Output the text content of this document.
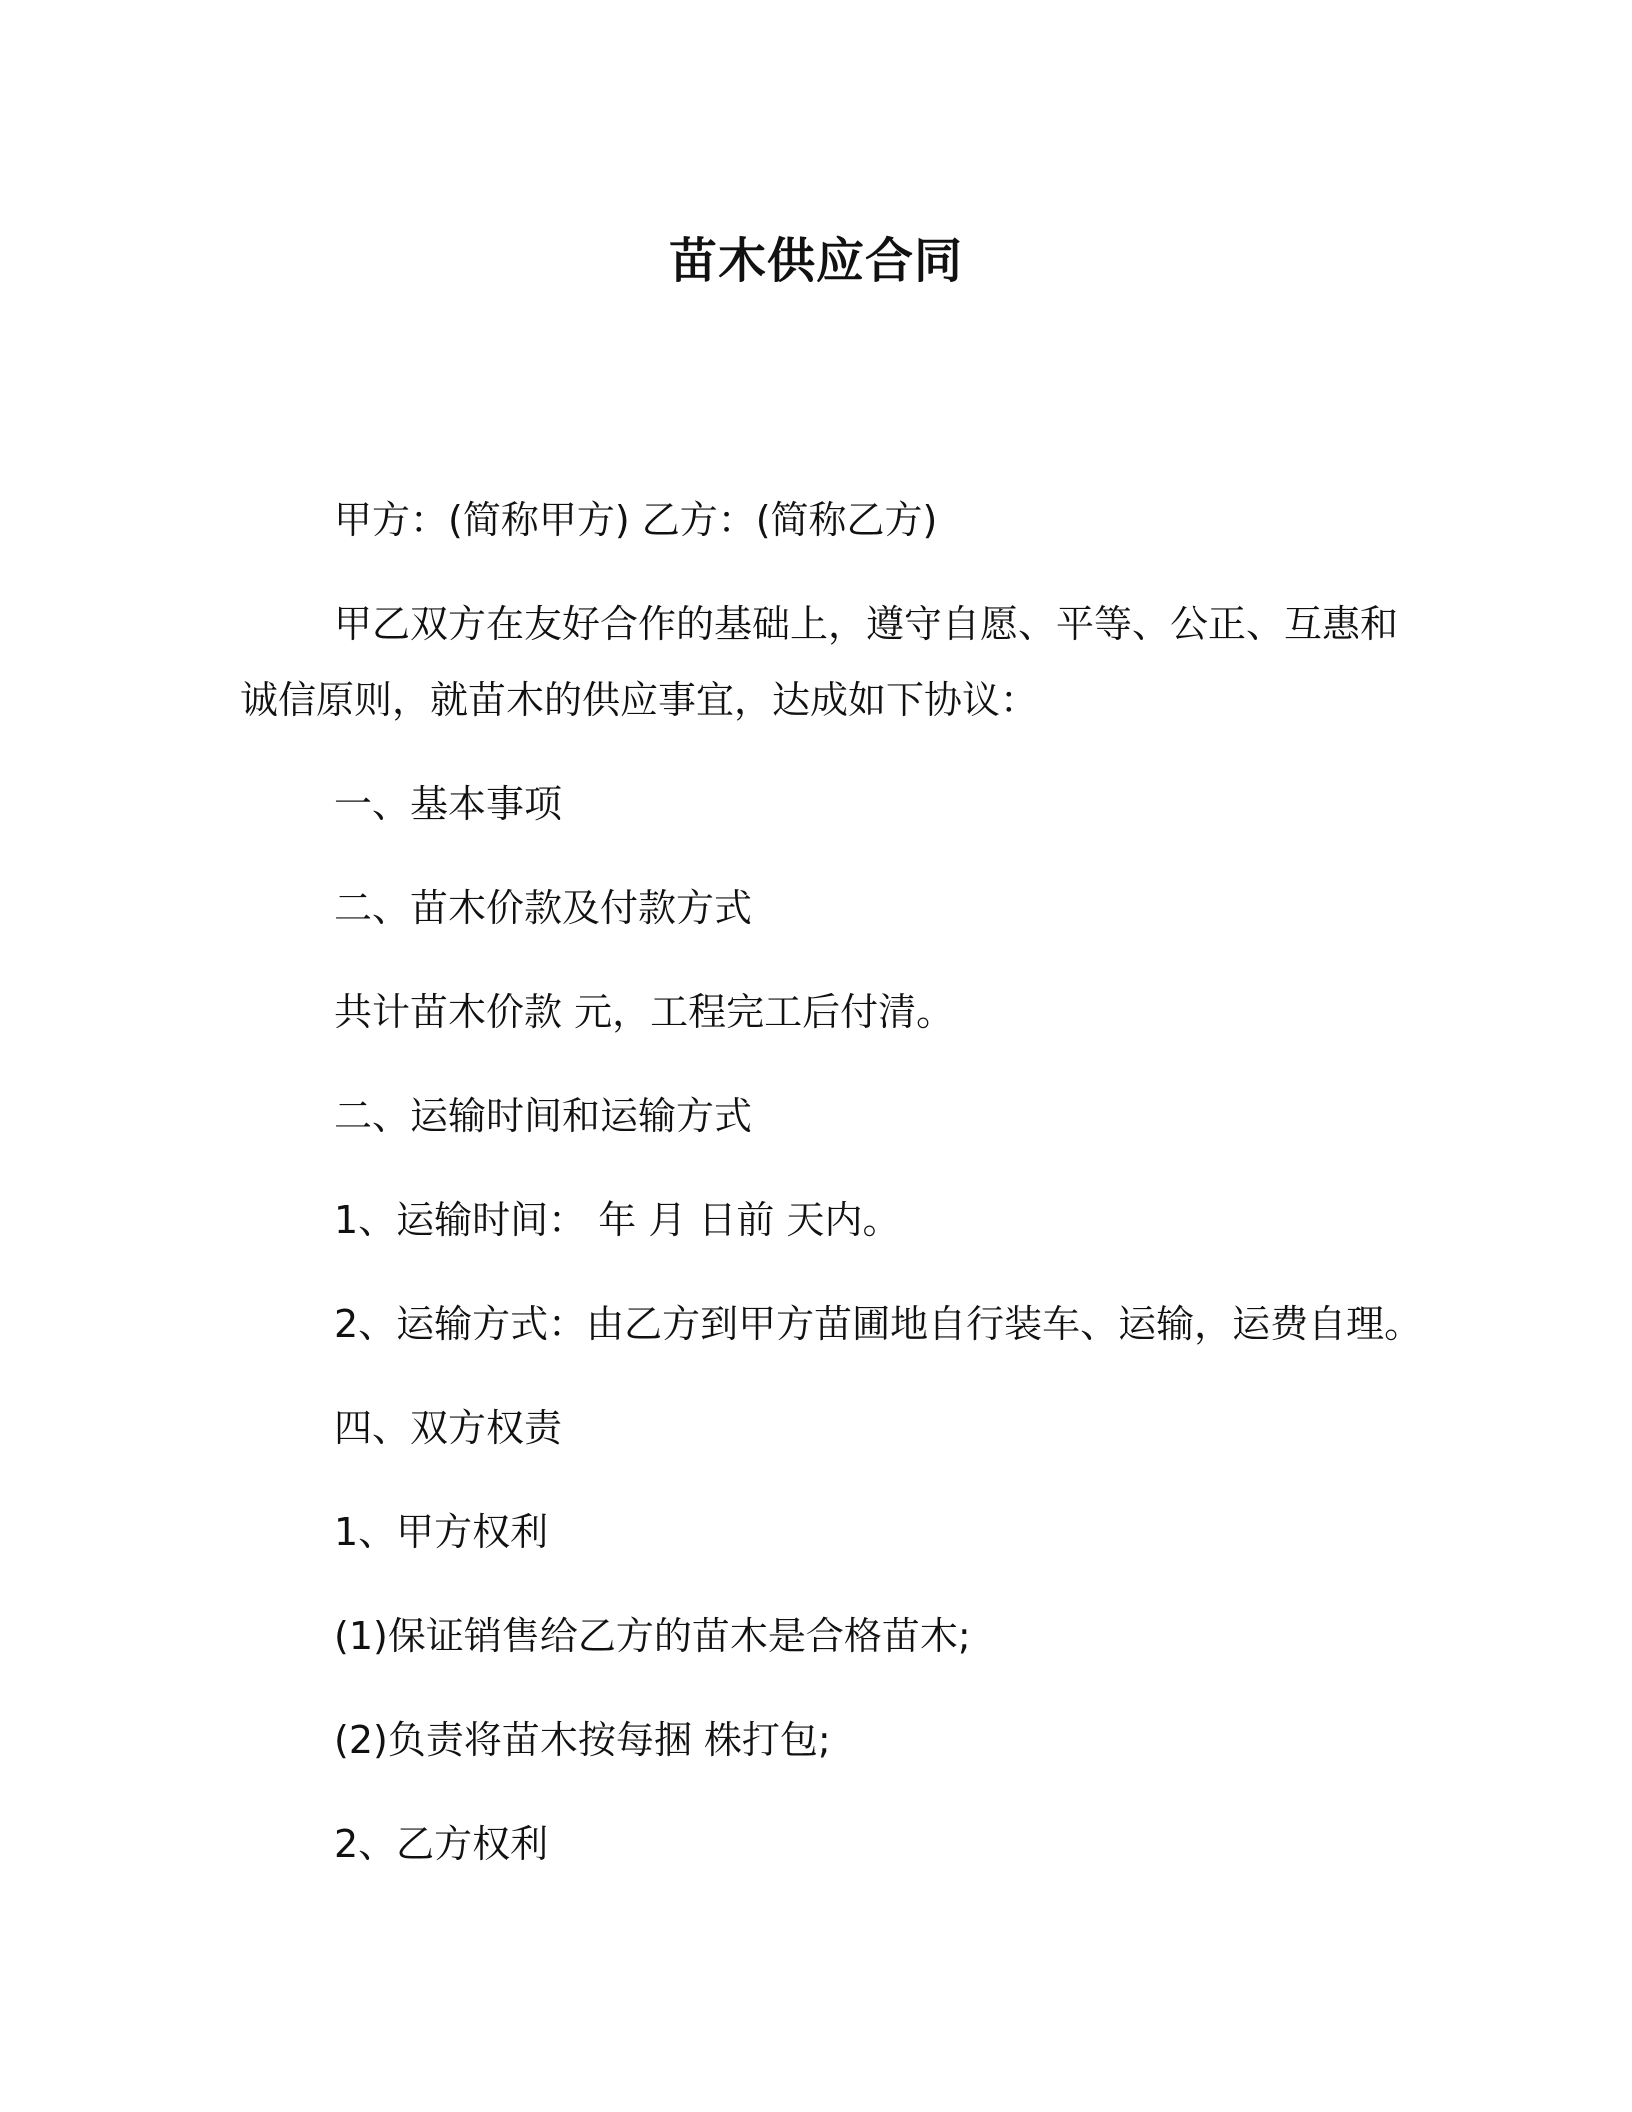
苗木供应合同

甲方：(简称甲方) 乙方：(简称乙方)

甲乙双方在友好合作的基础上，遵守自愿、平等、公正、互惠和

诚信原则，就苗木的供应事宜，达成如下协议：

一、基本事项

二、苗木价款及付款方式

共计苗木价款 元，工程完工后付清。

二、运输时间和运输方式

1、运输时间： 年 月 日前 天内。

2、运输方式：由乙方到甲方苗圃地自行装车、运输，运费自理。

四、双方权责

1、甲方权利

(1)保证销售给乙方的苗木是合格苗木;

(2)负责将苗木按每捆 株打包;

2、乙方权利
